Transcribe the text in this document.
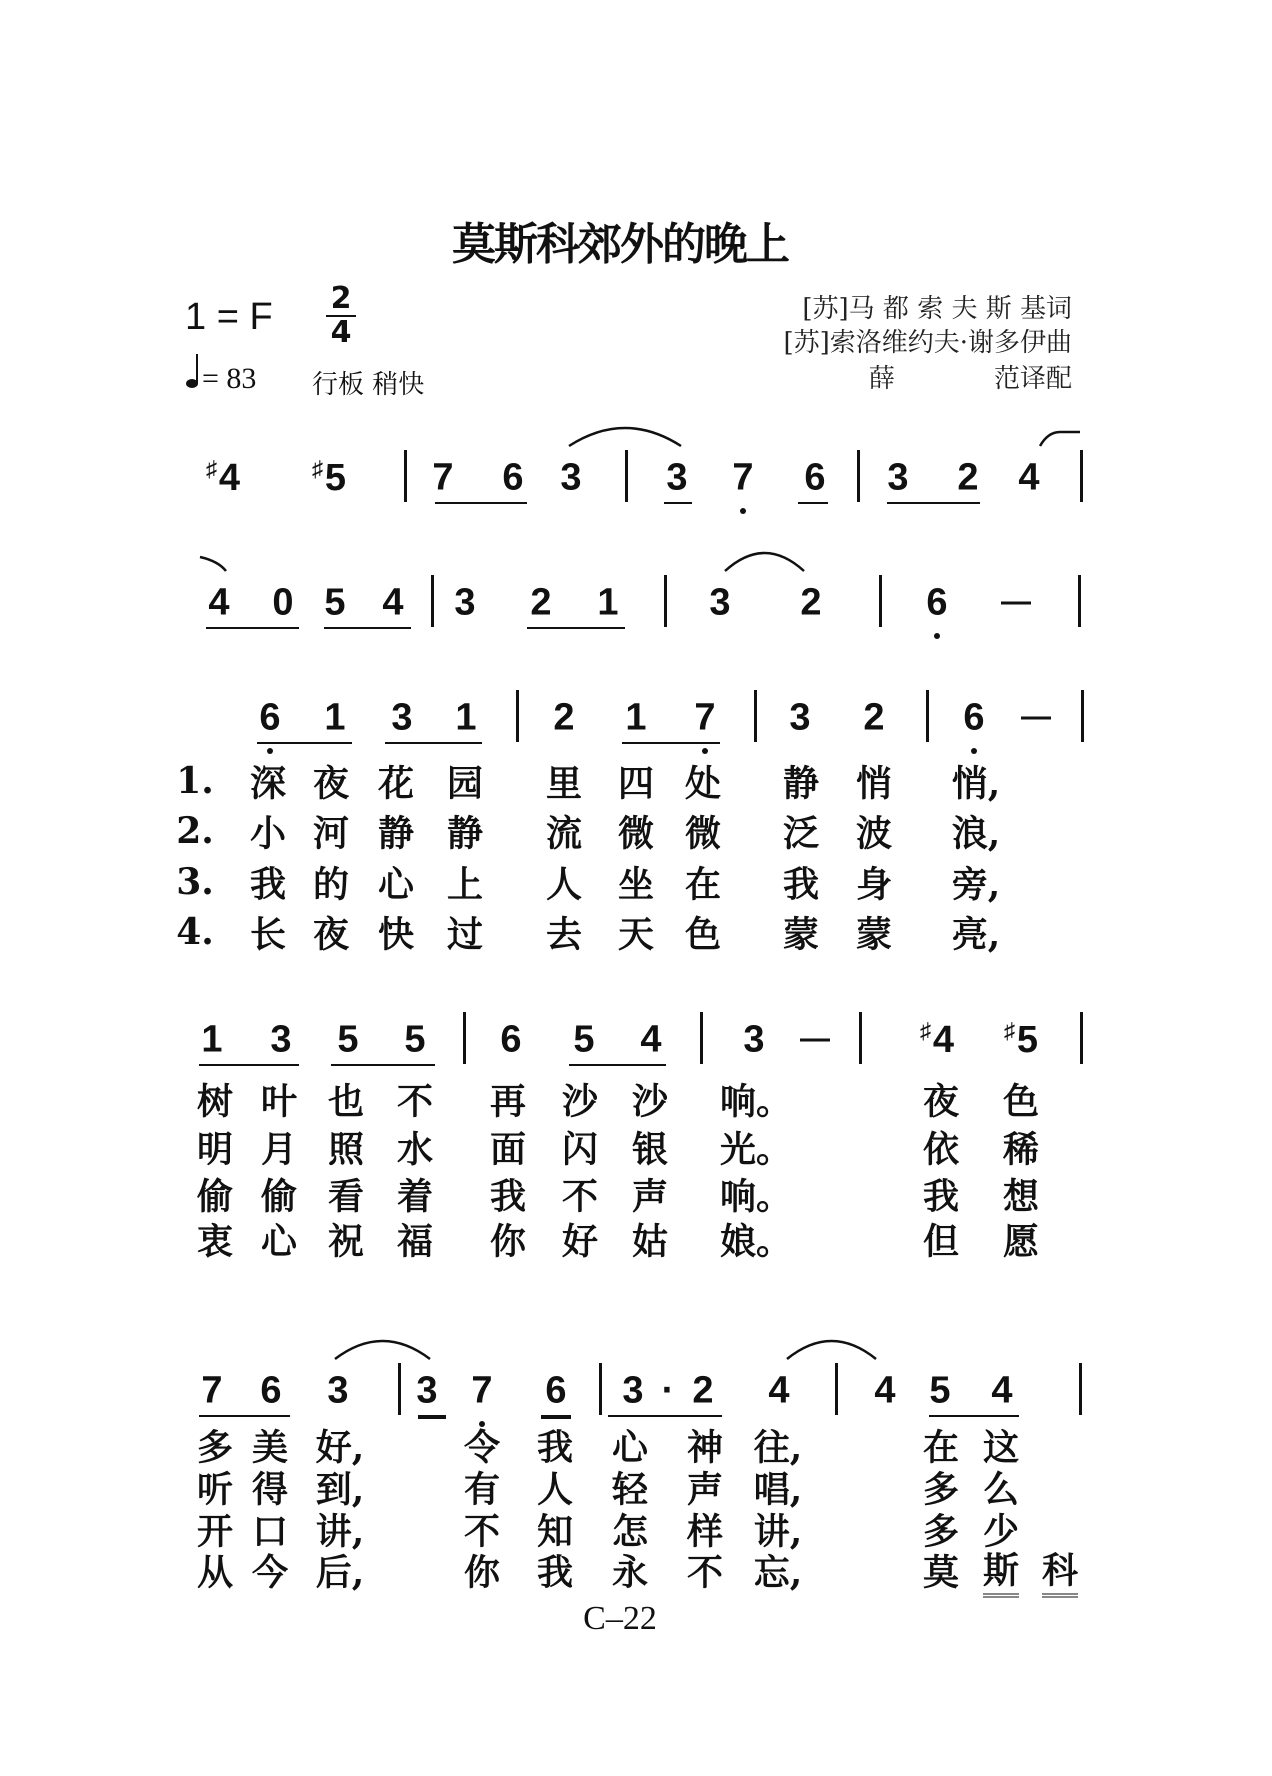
莫斯科郊外的晚上
1 = F 2
4
= 83 行板 稍快
[苏]马 都 索 夫 斯 基词
[苏]索洛维约夫·谢多伊曲
薛            范译配
♯4	♯5 7 6 3 3 7 6 3 2 4
4 0 5 4 3 2 1 3 2	6
6 1 3 1 2 1 7 3 2 6
1. 深 夜 花 园 里 四 处 静 悄 悄,
2. 小 河 静 静 流 微 微 泛 波 浪,
3. 我 的 心 上 人 坐 在 我 身 旁,
4. 长 夜 快 过 去 天 色 蒙 蒙 亮,
1 3 5 5 6 5 4 3	♯4 ♯5
树 叶 也 不 再 沙 沙 响。	夜 色
明 月 照 水 面 闪 银 光。	依 稀
偷 偷 看 着 我 不 声 响。	我 想
衷 心 祝 福 你 好 姑 娘。	但 愿
7 6 3 3 7 6 3 · 2 4 4 5 4
多 美 好,	令 我 心 神 往,	在 这
听 得 到,	有 人 轻 声 唱,	多 么
开 口 讲,	不 知 怎 样 讲,	多 少
从 今 后,	你 我 永 不 忘,	莫 斯 科
C–22
